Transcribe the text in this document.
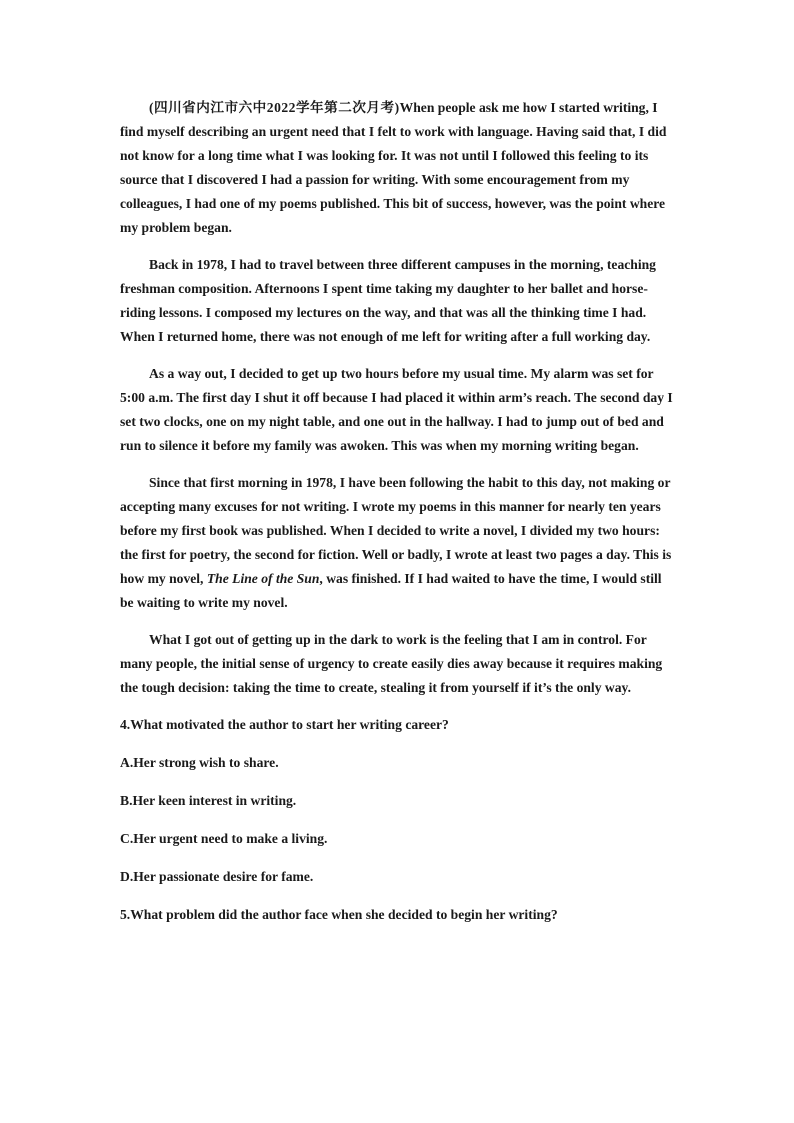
(四川省内江市六中2022学年第二次月考)When people ask me how I started writing, I find myself describing an urgent need that I felt to work with language. Having said that, I did not know for a long time what I was looking for. It was not until I followed this feeling to its source that I discovered I had a passion for writing. With some encouragement from my colleagues, I had one of my poems published. This bit of success, however, was the point where my problem began.

Back in 1978, I had to travel between three different campuses in the morning, teaching freshman composition. Afternoons I spent time taking my daughter to her ballet and horse-riding lessons. I composed my lectures on the way, and that was all the thinking time I had. When I returned home, there was not enough of me left for writing after a full working day.

As a way out, I decided to get up two hours before my usual time. My alarm was set for 5:00 a.m. The first day I shut it off because I had placed it within arm’s reach. The second day I set two clocks, one on my night table, and one out in the hallway. I had to jump out of bed and run to silence it before my family was awoken. This was when my morning writing began.

Since that first morning in 1978, I have been following the habit to this day, not making or accepting many excuses for not writing. I wrote my poems in this manner for nearly ten years before my first book was published. When I decided to write a novel, I divided my two hours: the first for poetry, the second for fiction. Well or badly, I wrote at least two pages a day. This is how my novel, The Line of the Sun, was finished. If I had waited to have the time, I would still be waiting to write my novel.

What I got out of getting up in the dark to work is the feeling that I am in control. For many people, the initial sense of urgency to create easily dies away because it requires making the tough decision: taking the time to create, stealing it from yourself if it’s the only way.

4.What motivated the author to start her writing career?

A.Her strong wish to share.

B.Her keen interest in writing.

C.Her urgent need to make a living.

D.Her passionate desire for fame.

5.What problem did the author face when she decided to begin her writing?
